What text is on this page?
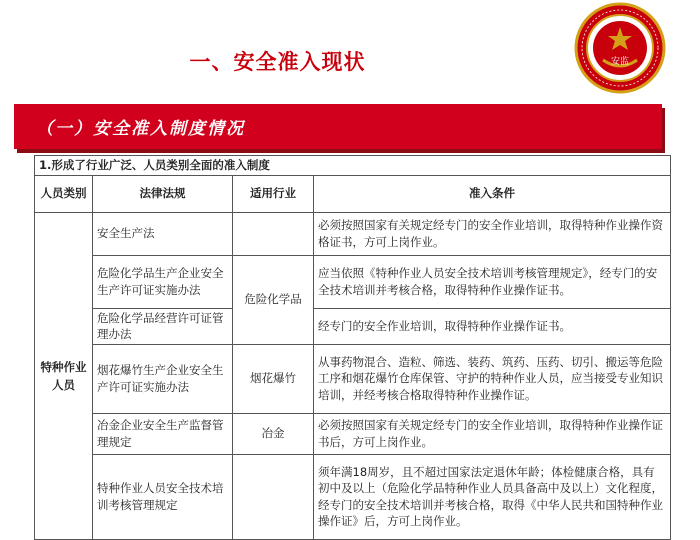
一、安全准入现状	安监
（一）安全准入制度情况
1.形成了行业广泛、人员类别全面的准入制度			
人员类别	法律法规	适用行业	准入条件
特种作业人员	安全生产法		必须按照国家有关规定经专门的安全作业培训，取得特种作业操作资格证书，方可上岗作业。
	危险化学品生产企业安全生产许可证实施办法	危险化学品	应当依照《特种作业人员安全技术培训考核管理规定》，经专门的安全技术培训并考核合格，取得特种作业操作证书。
	危险化学品经营许可证管理办法		经专门的安全作业培训，取得特种作业操作证书。
	烟花爆竹生产企业安全生产许可证实施办法	烟花爆竹	从事药物混合、造粒、筛选、装药、筑药、压药、切引、搬运等危险工序和烟花爆竹仓库保管、守护的特种作业人员，应当接受专业知识培训，并经考核合格取得特种作业操作证。
	冶金企业安全生产监督管理规定	冶金	必须按照国家有关规定经专门的安全作业培训，取得特种作业操作证书后，方可上岗作业。
	特种作业人员安全技术培训考核管理规定		须年满18周岁，且不超过国家法定退休年龄；体检健康合格，具有初中及以上（危险化学品特种作业人员具备高中及以上）文化程度，经专门的安全技术培训并考核合格，取得《中华人民共和国特种作业操作证》后，方可上岗作业。
